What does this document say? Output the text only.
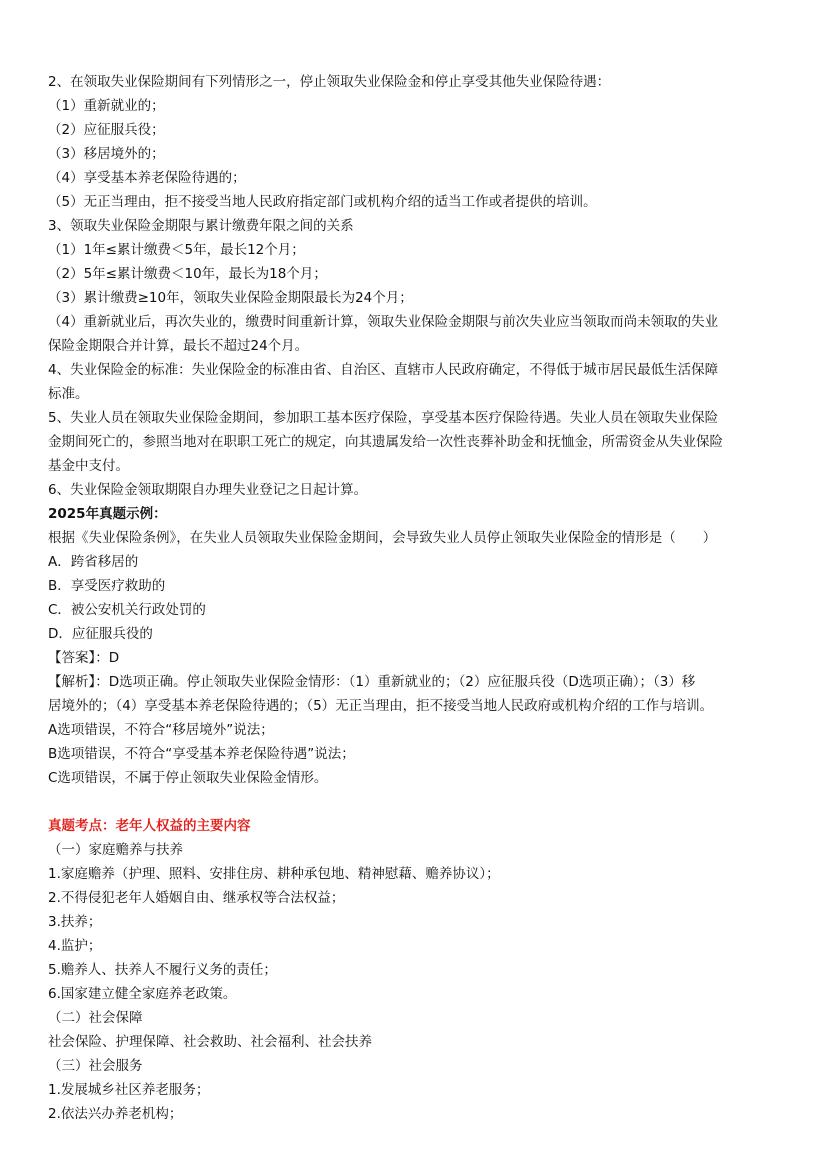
2、在领取失业保险期间有下列情形之一，停止领取失业保险金和停止享受其他失业保险待遇：

（1）重新就业的；

（2）应征服兵役；

（3）移居境外的；

（4）享受基本养老保险待遇的；

（5）无正当理由，拒不接受当地人民政府指定部门或机构介绍的适当工作或者提供的培训。

3、领取失业保险金期限与累计缴费年限之间的关系

（1）1年≤累计缴费＜5年，最长12个月；

（2）5年≤累计缴费＜10年，最长为18个月；

（3）累计缴费≥10年，领取失业保险金期限最长为24个月；

（4）重新就业后，再次失业的，缴费时间重新计算，领取失业保险金期限与前次失业应当领取而尚未领取的失业

保险金期限合并计算，最长不超过24个月。

4、失业保险金的标准：失业保险金的标准由省、自治区、直辖市人民政府确定，不得低于城市居民最低生活保障

标准。

5、失业人员在领取失业保险金期间，参加职工基本医疗保险，享受基本医疗保险待遇。失业人员在领取失业保险

金期间死亡的，参照当地对在职职工死亡的规定，向其遗属发给一次性丧葬补助金和抚恤金，所需资金从失业保险

基金中支付。

6、失业保险金领取期限自办理失业登记之日起计算。

2025年真题示例：

根据《失业保险条例》，在失业人员领取失业保险金期间，会导致失业人员停止领取失业保险金的情形是（　　）

A．跨省移居的

B．享受医疗救助的

C．被公安机关行政处罚的

D．应征服兵役的

【答案】：D

【解析】：D选项正确。停止领取失业保险金情形：（1）重新就业的；（2）应征服兵役（D选项正确）；（3）移

居境外的；（4）享受基本养老保险待遇的；（5）无正当理由，拒不接受当地人民政府或机构介绍的工作与培训。

A选项错误，不符合“移居境外”说法；

B选项错误，不符合“享受基本养老保险待遇”说法；

C选项错误，不属于停止领取失业保险金情形。

真题考点：老年人权益的主要内容

（一）家庭赡养与扶养

1.家庭赡养（护理、照料、安排住房、耕种承包地、精神慰藉、赡养协议）；

2.不得侵犯老年人婚姻自由、继承权等合法权益；

3.扶养；

4.监护；

5.赡养人、扶养人不履行义务的责任；

6.国家建立健全家庭养老政策。

（二）社会保障

社会保险、护理保障、社会救助、社会福利、社会扶养

（三）社会服务

1.发展城乡社区养老服务；

2.依法兴办养老机构；
